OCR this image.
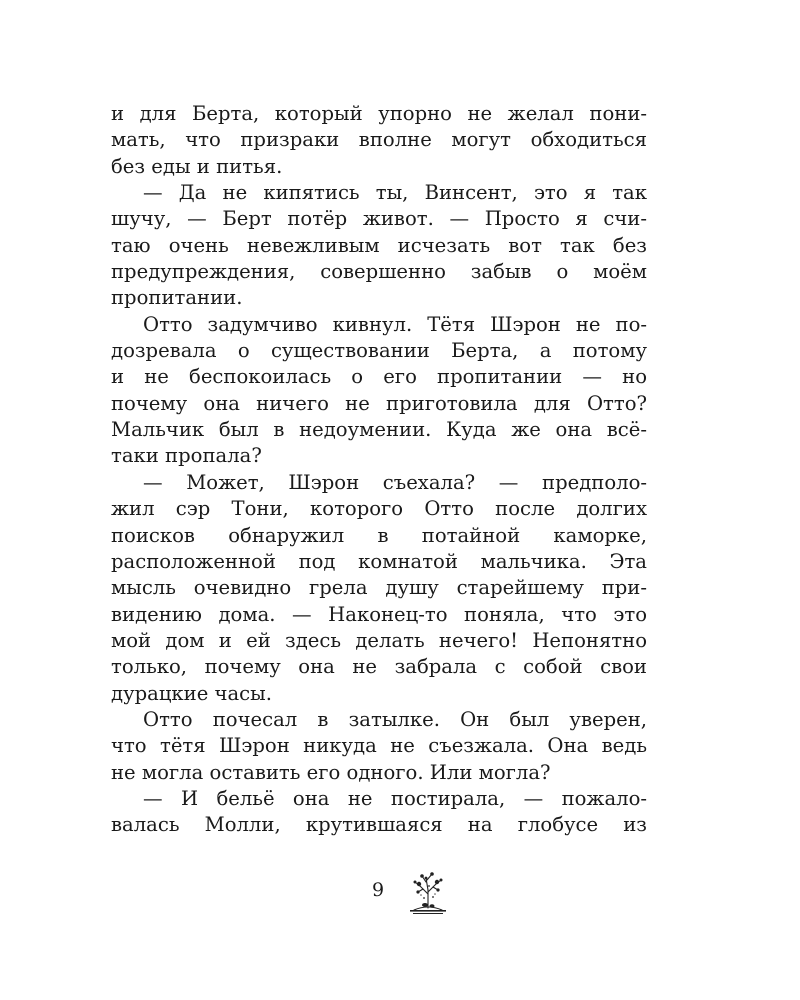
и для Берта, который упорно не желал пони-
мать, что призраки вполне могут обходиться
без еды и питья.
— Да не кипятись ты, Винсент, это я так
шучу, — Берт потёр живот. — Просто я счи-
таю очень невежливым исчезать вот так без
предупреждения, совершенно забыв о моём
пропитании.
Отто задумчиво кивнул. Тётя Шэрон не по-
дозревала о существовании Берта, а потому
и не беспокоилась о его пропитании — но
почему она ничего не приготовила для Отто?
Мальчик был в недоумении. Куда же она всё-
таки пропала?
— Может, Шэрон съехала? — предполо-
жил сэр Тони, которого Отто после долгих
поисков обнаружил в потайной каморке,
расположенной под комнатой мальчика. Эта
мысль очевидно грела душу старейшему при-
видению дома. — Наконец-то поняла, что это
мой дом и ей здесь делать нечего! Непонятно
только, почему она не забрала с собой свои
дурацкие часы.
Отто почесал в затылке. Он был уверен,
что тётя Шэрон никуда не съезжала. Она ведь
не могла оставить его одного. Или могла?
— И бельё она не постирала, — пожало-
валась Молли, крутившаяся на глобусе из
9
